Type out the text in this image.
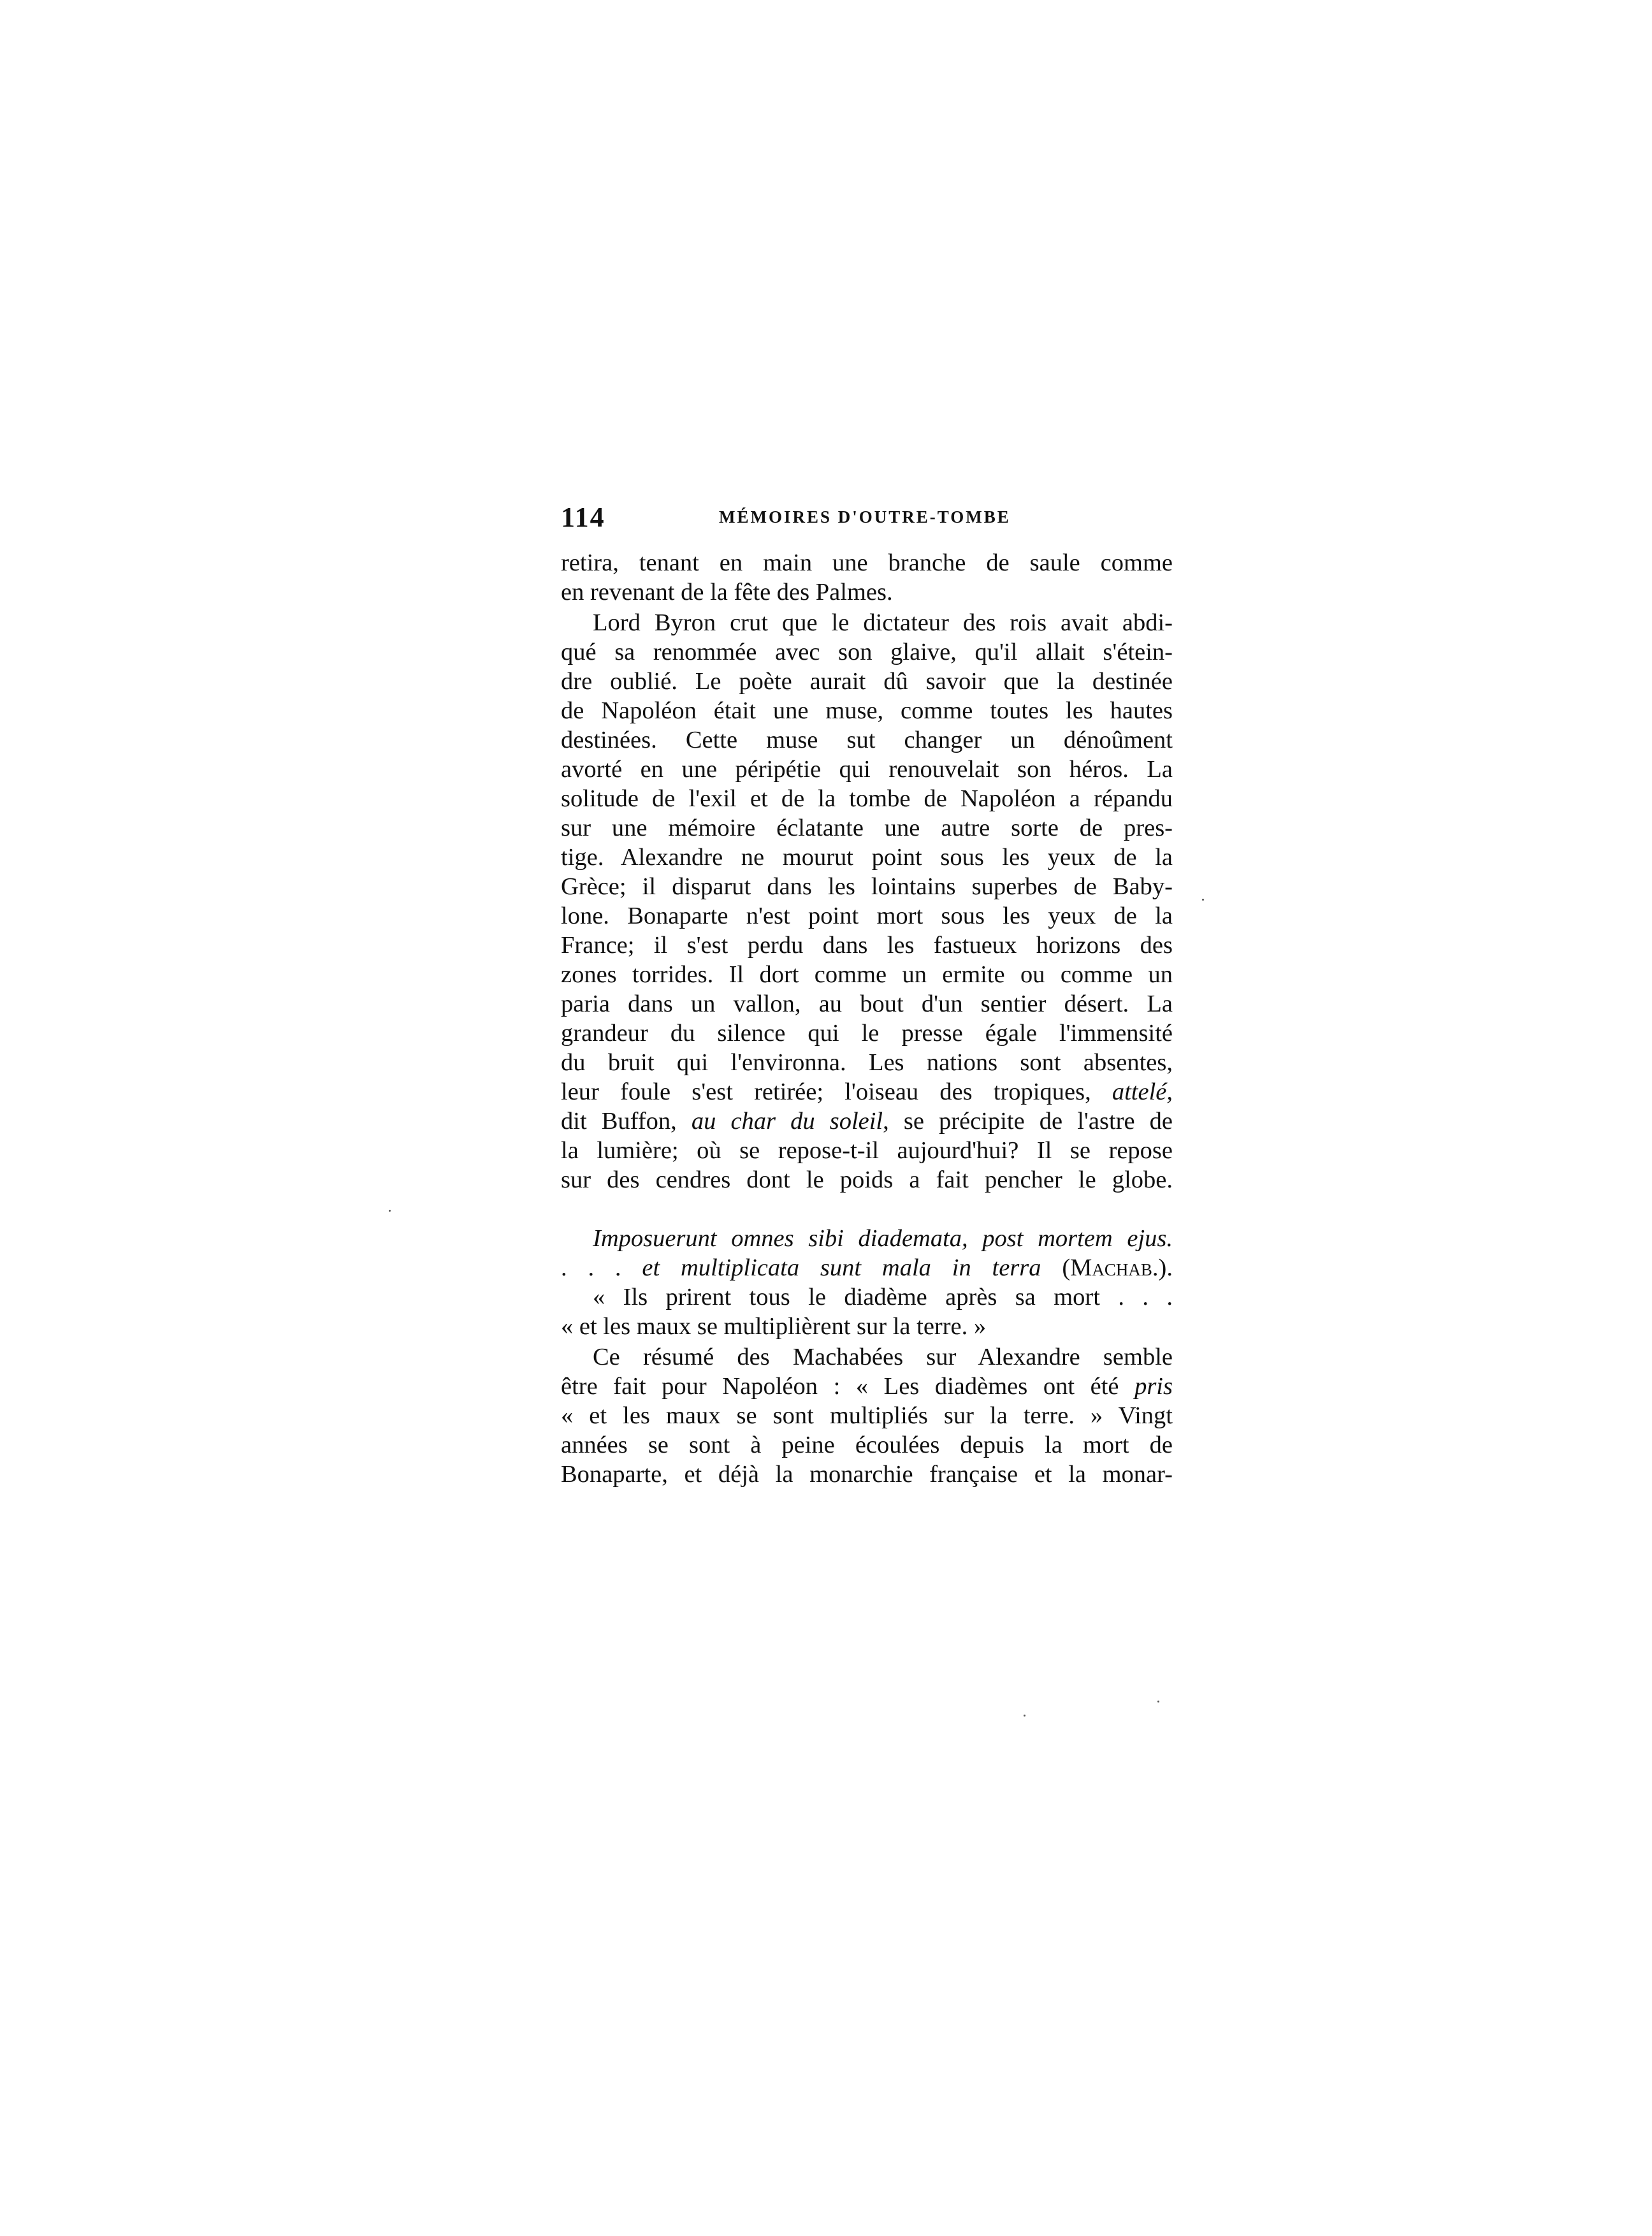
114	MÉMOIRES D'OUTRE-TOMBE
retira, tenant en main une branche de saule comme
en revenant de la fête des Palmes.
Lord Byron crut que le dictateur des rois avait abdi-
qué sa renommée avec son glaive, qu'il allait s'étein-
dre oublié. Le poète aurait dû savoir que la destinée
de Napoléon était une muse, comme toutes les hautes
destinées. Cette muse sut changer un dénoûment
avorté en une péripétie qui renouvelait son héros. La
solitude de l'exil et de la tombe de Napoléon a répandu
sur une mémoire éclatante une autre sorte de pres-
tige. Alexandre ne mourut point sous les yeux de la
Grèce; il disparut dans les lointains superbes de Baby-
lone. Bonaparte n'est point mort sous les yeux de la
France; il s'est perdu dans les fastueux horizons des
zones torrides. Il dort comme un ermite ou comme un
paria dans un vallon, au bout d'un sentier désert. La
grandeur du silence qui le presse égale l'immensité
du bruit qui l'environna. Les nations sont absentes,
leur foule s'est retirée; l'oiseau des tropiques, attelé,
dit Buffon, au char du soleil, se précipite de l'astre de
la lumière; où se repose-t-il aujourd'hui? Il se repose
sur des cendres dont le poids a fait pencher le globe.
Imposuerunt omnes sibi diademata, post mortem ejus.
. . . et multiplicata sunt mala in terra (Machab.).
« Ils prirent tous le diadème après sa mort . . .
« et les maux se multiplièrent sur la terre. »
Ce résumé des Machabées sur Alexandre semble
être fait pour Napoléon : « Les diadèmes ont été pris
« et les maux se sont multipliés sur la terre. » Vingt
années se sont à peine écoulées depuis la mort de
Bonaparte, et déjà la monarchie française et la monar-
